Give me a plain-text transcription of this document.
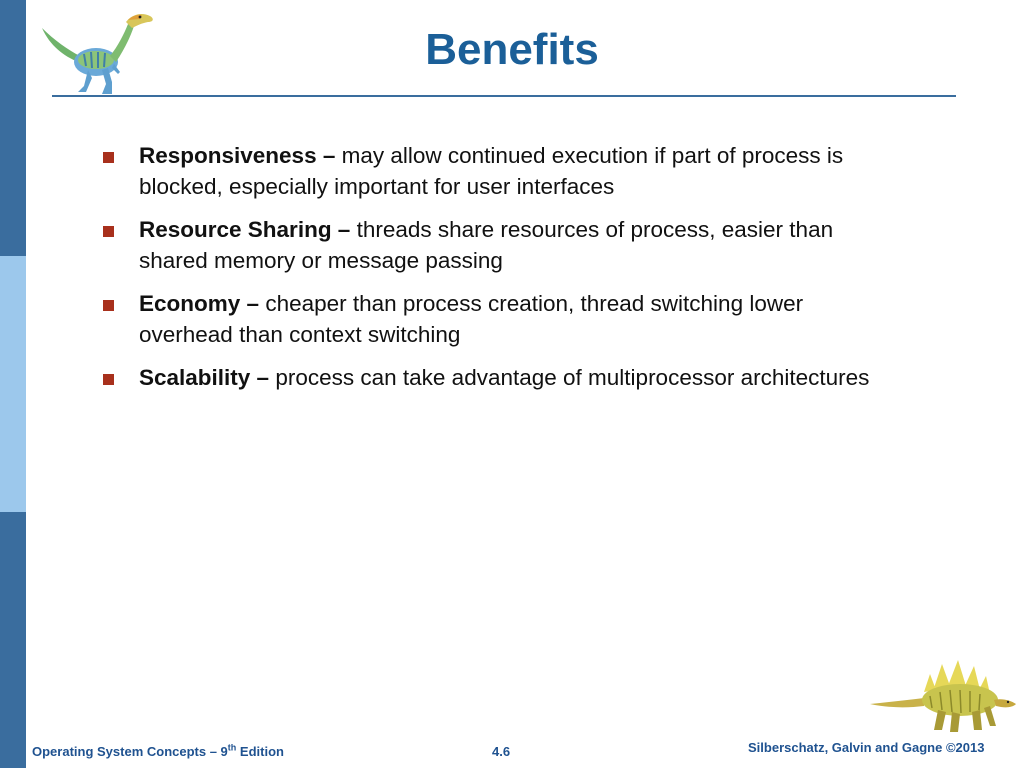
Benefits
Responsiveness – may allow continued execution if part of process is blocked, especially important for user interfaces
Resource Sharing – threads share resources of process, easier than shared memory or message passing
Economy – cheaper than process creation, thread switching lower overhead than context switching
Scalability – process can take advantage of multiprocessor architectures
Operating System Concepts – 9th Edition	4.6	Silberschatz, Galvin and Gagne ©2013
